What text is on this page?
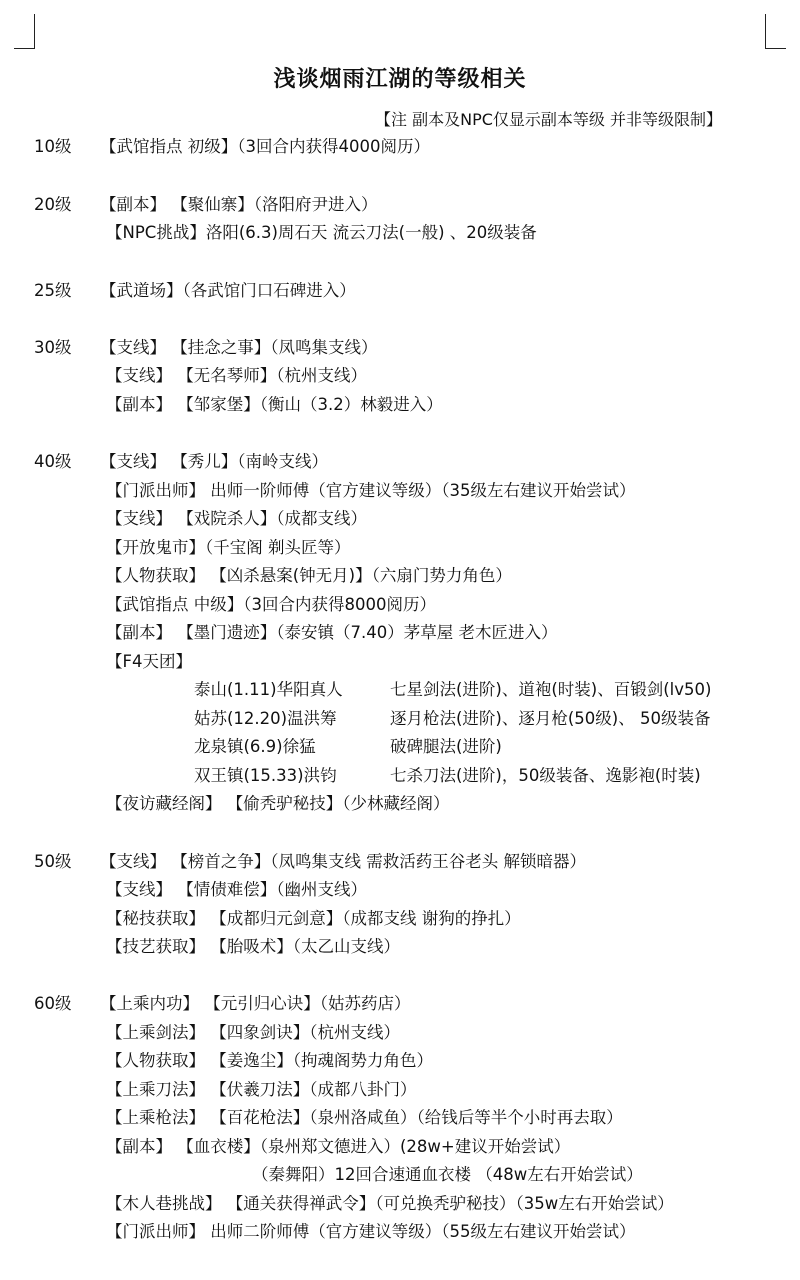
浅谈烟雨江湖的等级相关
【注 副本及NPC仅显示副本等级 并非等级限制】
10级 【武馆指点 初级】（3回合内获得4000阅历）
20级 【副本】 【聚仙寨】（洛阳府尹进入）
【NPC挑战】洛阳(6.3)周石天 流云刀法(一般) 、20级装备
25级 【武道场】（各武馆门口石碑进入）
30级 【支线】 【挂念之事】（凤鸣集支线）
【支线】 【无名琴师】（杭州支线）
【副本】 【邹家堡】（衡山（3.2）林毅进入）
40级 【支线】 【秀儿】（南岭支线）
【门派出师】 出师一阶师傅（官方建议等级）（35级左右建议开始尝试）
【支线】 【戏院杀人】（成都支线）
【开放鬼市】（千宝阁 剃头匠等）
【人物获取】 【凶杀悬案(钟无月)】（六扇门势力角色）
【武馆指点 中级】（3回合内获得8000阅历）
【副本】 【墨门遗迹】（泰安镇（7.40）茅草屋 老木匠进入）
【F4天团】
泰山(1.11)华阳真人	七星剑法(进阶)、道袍(时装)、百锻剑(lv50)
姑苏(12.20)温洪筹	逐月枪法(进阶)、逐月枪(50级)、 50级装备
龙泉镇(6.9)徐猛	破碑腿法(进阶)
双王镇(15.33)洪钧	七杀刀法(进阶)，50级装备、逸影袍(时装)
【夜访藏经阁】 【偷秃驴秘技】（少林藏经阁）
50级 【支线】 【榜首之争】（凤鸣集支线 需救活药王谷老头 解锁暗器）
【支线】 【情债难偿】（幽州支线）
【秘技获取】 【成都归元剑意】（成都支线 谢狗的挣扎）
【技艺获取】 【胎吸术】（太乙山支线）
60级 【上乘内功】 【元引归心诀】（姑苏药店）
【上乘剑法】 【四象剑诀】（杭州支线）
【人物获取】 【姜逸尘】（拘魂阁势力角色）
【上乘刀法】 【伏羲刀法】（成都八卦门）
【上乘枪法】 【百花枪法】（泉州洛咸鱼）（给钱后等半个小时再去取）
【副本】 【血衣楼】（泉州郑文德进入）(28w+建议开始尝试）
（秦舞阳）12回合速通血衣楼 （48w左右开始尝试）
【木人巷挑战】 【通关获得禅武令】（可兑换秃驴秘技）（35w左右开始尝试）
【门派出师】 出师二阶师傅（官方建议等级）（55级左右建议开始尝试）
